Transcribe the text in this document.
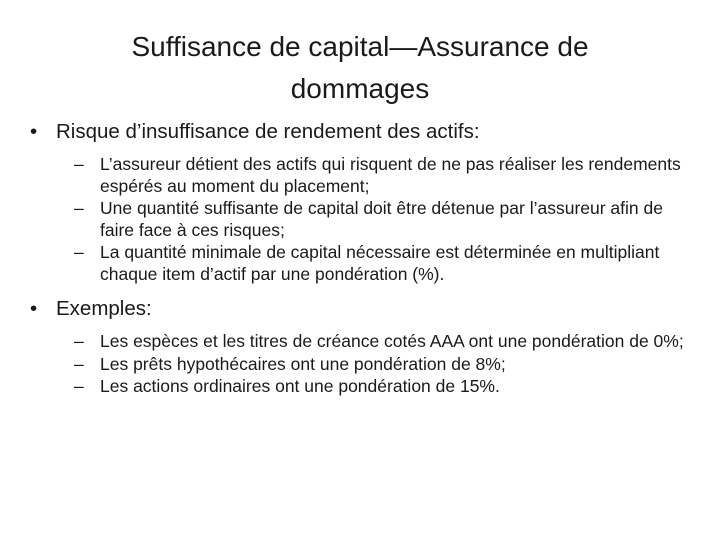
Suffisance de capital—Assurance de
dommages
• Risque d’insuffisance de rendement des actifs:
– L’assureur détient des actifs qui risquent de ne pas réaliser les rendements espérés au moment du placement;
– Une quantité suffisante de capital doit être détenue par l’assureur afin de faire face à ces risques;
– La quantité minimale de capital nécessaire est déterminée en multipliant chaque item d’actif par une pondération (%).
• Exemples:
– Les espèces et les titres de créance cotés AAA ont une pondération de 0%;
– Les prêts hypothécaires ont une pondération de 8%;
– Les actions ordinaires ont une pondération de 15%.
